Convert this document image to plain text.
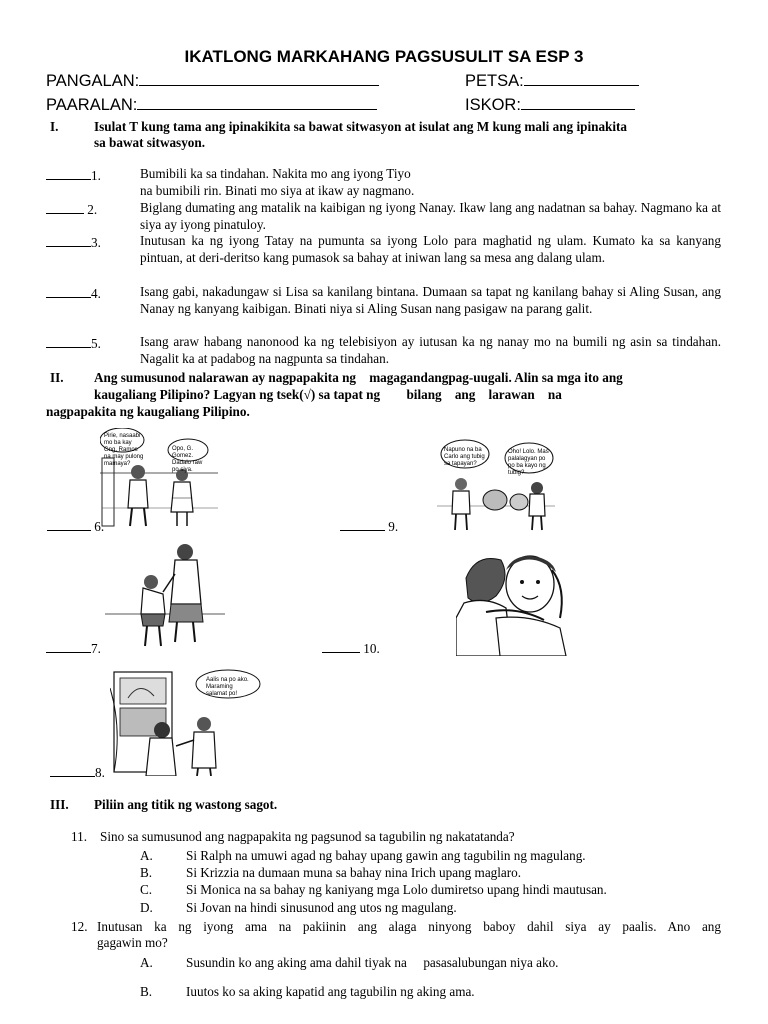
IKATLONG MARKAHANG PAGSUSULIT SA ESP 3
PANGALAN:	PETSA:
PAARALAN:	ISKOR:
I.	Isulat T kung tama ang ipinakikita sa bawat sitwasyon at isulat ang M kung mali ang ipinakita
sa bawat sitwasyon.
1.	Bumibili ka sa tindahan. Nakita mo ang iyong Tiyo
na bumibili rin. Binati mo siya at ikaw ay nagmano.
2.	Biglang dumating ang matalik na kaibigan ng iyong Nanay. Ikaw lang ang nadatnan sa bahay. Nagmano ka at siya ay iyong pinatuloy.
3.	Inutusan ka ng iyong Tatay na pumunta sa iyong Lolo para maghatid ng ulam. Kumato ka sa kanyang pintuan, at deri-deritso kang pumasok sa bahay at iniwan lang sa mesa ang dalang ulam.
4.	Isang gabi, nakadungaw si Lisa sa kanilang bintana. Dumaan sa tapat ng kanilang bahay si Aling Susan, ang Nanay ng kanyang kaibigan. Binati niya si Aling Susan nang pasigaw na parang galit.
5.	Isang araw habang nanonood ka ng telebisiyon ay iutusan ka ng nanay mo na bumili ng asin sa tindahan. Nagalit ka at padabog na nagpunta sa tindahan.
II. Ang sumusunod nalarawan ay nagpapakita ng    magagandangpag-uugali. Alin sa mga ito ang
kaugaliang Pilipino? Lagyan ng tsek(√) sa tapat ng        bilang    ang    larawan    na
nagpapakita ng kaugaliang Pilipino.
Pirie, nasaabi mo ba kay Gng. Ramos na may pulong mamaya?
Opo, G. Gomez. Dadalo raw po siya.
6.
Napuno na ba Carlo ang tubig sa tapayan?
Oho! Lolo. Mas palalagyan po po ba kayo ng tubig?
9.
7.	10.
Aalis na po ako. Maraming salamat po!
8.
III. Piliin ang titik ng wastong sagot.
11. Sino sa sumusunod ang nagpapakita ng pagsunod sa tagubilin ng nakatatanda?
A.	Si Ralph na umuwi agad ng bahay upang gawin ang tagubilin ng magulang.
B.	Si Krizzia na dumaan muna sa bahay nina Irich upang maglaro.
C.	Si Monica na sa bahay ng kaniyang mga Lolo dumiretso upang hindi mautusan.
D.	Si Jovan na hindi sinusunod ang utos ng magulang.
12. Inutusan ka ng iyong ama na pakiinin ang alaga ninyong baboy dahil siya ay paalis. Ano ang
gagawin mo?
A.	Susundin ko ang aking ama dahil tiyak na     pasasalubungan niya ako.
B.	Iuutos ko sa aking kapatid ang tagubilin ng aking ama.
